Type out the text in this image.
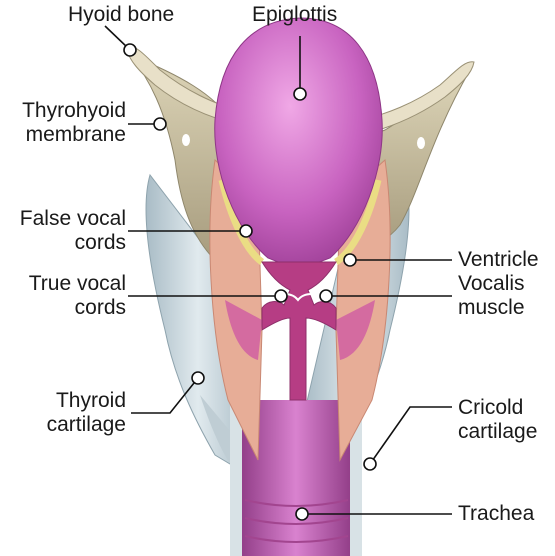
Hyoid bone	Epiglottis
Thyrohyoid
membrane
False vocal
cords
Ventricle
True vocal
cords
Vocalis
muscle
Thyroid
cartilage
Cricold
cartilage
Trachea
